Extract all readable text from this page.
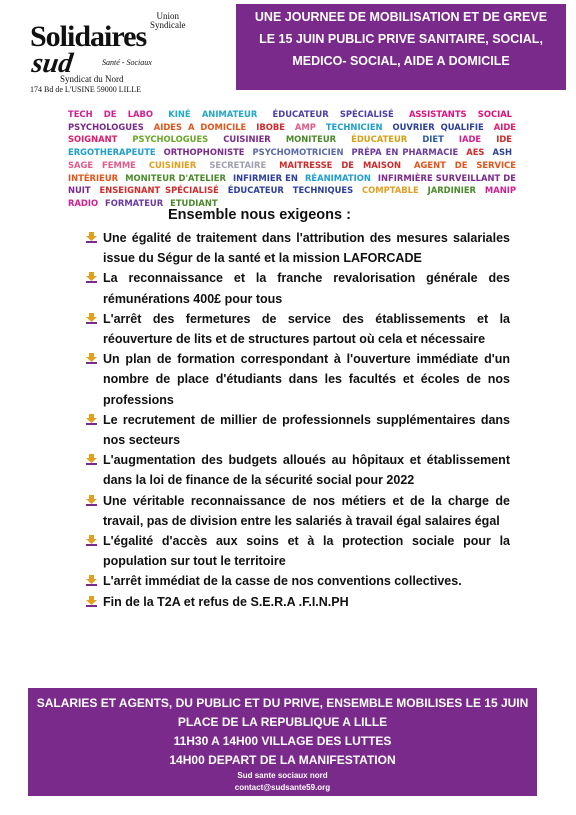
Union
Syndicale
Solidaires
sud	Santé - Sociaux
Syndicat du Nord
174 Bd de L'USINE 59000 LILLE
UNE JOURNEE DE MOBILISATION ET DE GREVE
LE 15 JUIN PUBLIC PRIVE SANITAIRE, SOCIAL,
MEDICO- SOCIAL, AIDE A DOMICILE
TECH DE LABO KINÉ ANIMATEUR ÉDUCATEUR SPÉCIALISÉ ASSISTANTS SOCIAL PSYCHOLOGUES AIDES A DOMICILE IBOBE AMP TECHNICIEN OUVRIER QUALIFIE AIDE SOIGNANT PSYCHOLOGUES CUISINIER MONITEUR ÉDUCATEUR DIET IADE IDE ERGOTHERAPEUTE ORTHOPHONISTE PSYCHOMOTRICIEN PRÉPA EN PHARMACIE AES ASH SAGE FEMME CUISINIER SECRETAIRE MAITRESSE DE MAISON AGENT DE SERVICE INTÉRIEUR MONITEUR D'ATELIER INFIRMIER EN RÉANIMATION INFIRMIÈRE SURVEILLANT DE NUIT ENSEIGNANT SPÉCIALISÉ ÉDUCATEUR TECHNIQUES COMPTABLE JARDINIER MANIP RADIO FORMATEUR ETUDIANT
Ensemble nous exigeons :
Une égalité de traitement dans l'attribution des mesures salariales issue du Ségur de la santé et la mission LAFORCADE
La reconnaissance et la franche revalorisation générale des rémunérations 400£ pour tous
L'arrêt des fermetures de service des établissements et la réouverture de lits et de structures partout où cela et nécessaire
Un plan de formation correspondant à l'ouverture immédiate d'un nombre de place d'étudiants dans les facultés et écoles de nos professions
Le recrutement de millier de professionnels supplémentaires dans nos secteurs
L'augmentation des budgets alloués au hôpitaux et établissement dans la loi de finance de la sécurité social pour 2022
Une véritable reconnaissance de nos métiers et de la charge de travail, pas de division entre les salariés à travail égal salaires égal
L'égalité d'accès aux soins et à la protection sociale pour la population sur tout le territoire
L'arrêt immédiat de la casse de nos conventions collectives.
Fin de la T2A et refus de S.E.R.A .F.I.N.PH
SALARIES ET AGENTS, DU PUBLIC ET DU PRIVE, ENSEMBLE MOBILISES LE 15 JUIN
PLACE DE LA REPUBLIQUE A LILLE
11H30 A 14H00 VILLAGE DES LUTTES
14H00 DEPART DE LA MANIFESTATION
Sud sante sociaux nord
contact@sudsante59.org
